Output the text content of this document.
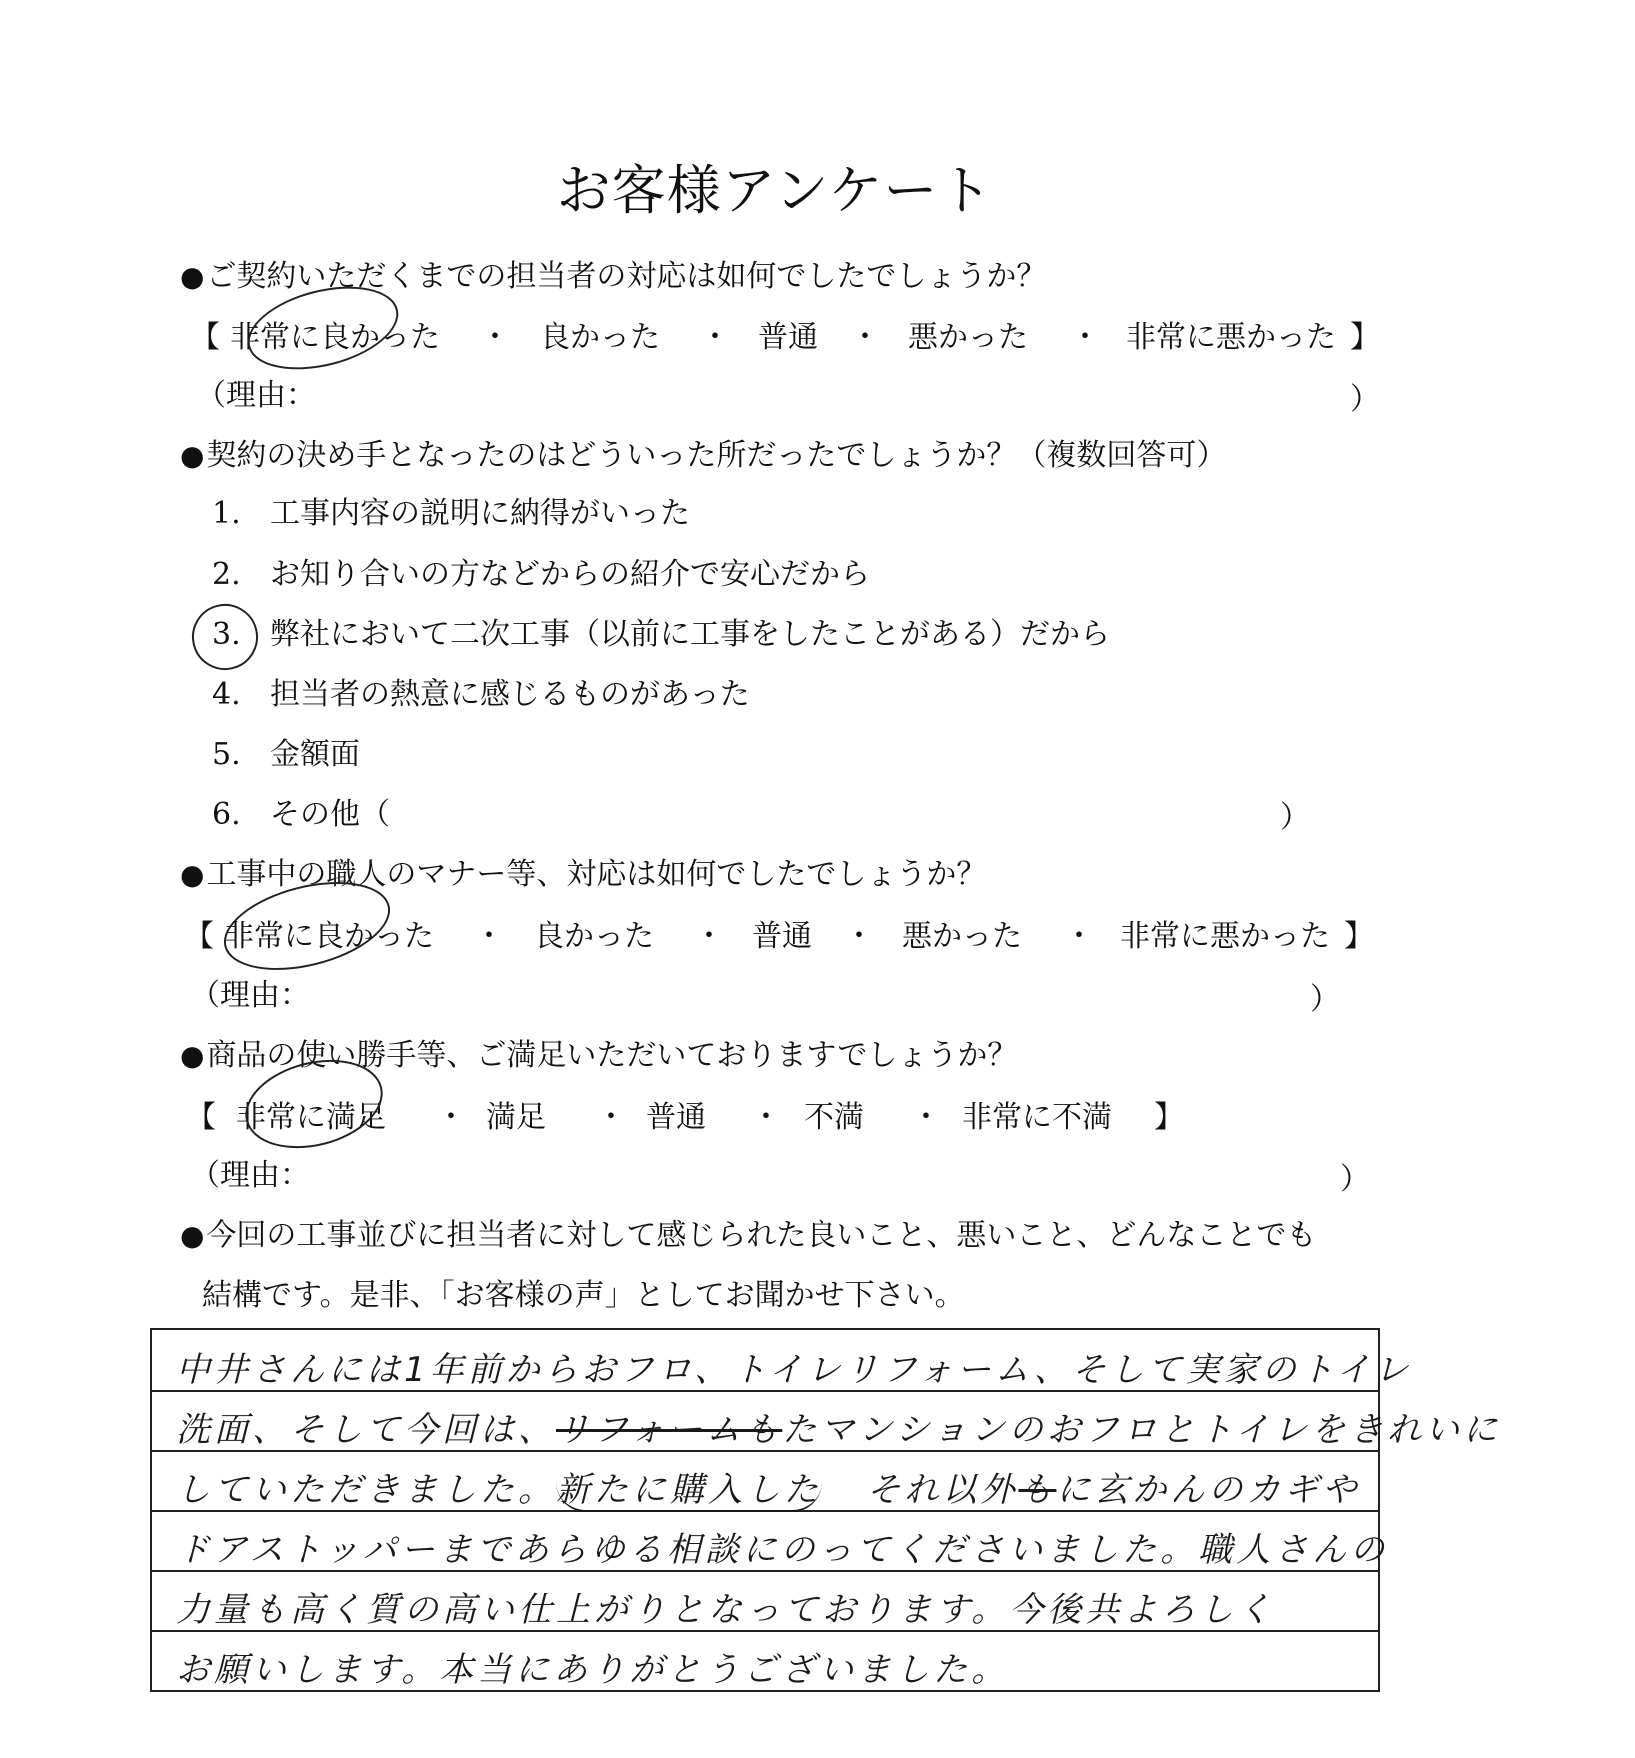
お客様アンケート
●ご契約いただくまでの担当者の対応は如何でしたでしょうか？
【 非常に良かった ・ 良かった ・ 普通 ・ 悪かった ・ 非常に悪かった 】
（理由：	）
●契約の決め手となったのはどういった所だったでしょうか？（複数回答可）
1. 工事内容の説明に納得がいった
2. お知り合いの方などからの紹介で安心だから
3. 弊社において二次工事（以前に工事をしたことがある）だから
4. 担当者の熱意に感じるものがあった
5. 金額面
6. その他（	）
●工事中の職人のマナー等、対応は如何でしたでしょうか？
【 非常に良かった ・ 良かった ・ 普通 ・ 悪かった ・ 非常に悪かった 】
（理由：	）
●商品の使い勝手等、ご満足いただいておりますでしょうか？
【 非常に満足 ・ 満足 ・ 普通 ・ 不満 ・ 非常に不満 】
（理由：	）
●今回の工事並びに担当者に対して感じられた良いこと、悪いこと、どんなことでも
結構です。是非、「お客様の声」としてお聞かせ下さい。
中井さんには1年前からおフロ、トイレリフォーム、そして実家のトイレ
洗面、そして今回は、リフォームもたマンションのおフロとトイレをきれいに
していただきました。新たに購入した それ以外もに玄かんのカギや
ドアストッパーまであらゆる相談にのってくださいました。職人さんの
力量も高く質の高い仕上がりとなっております。今後共よろしく
お願いします。本当にありがとうございました。
